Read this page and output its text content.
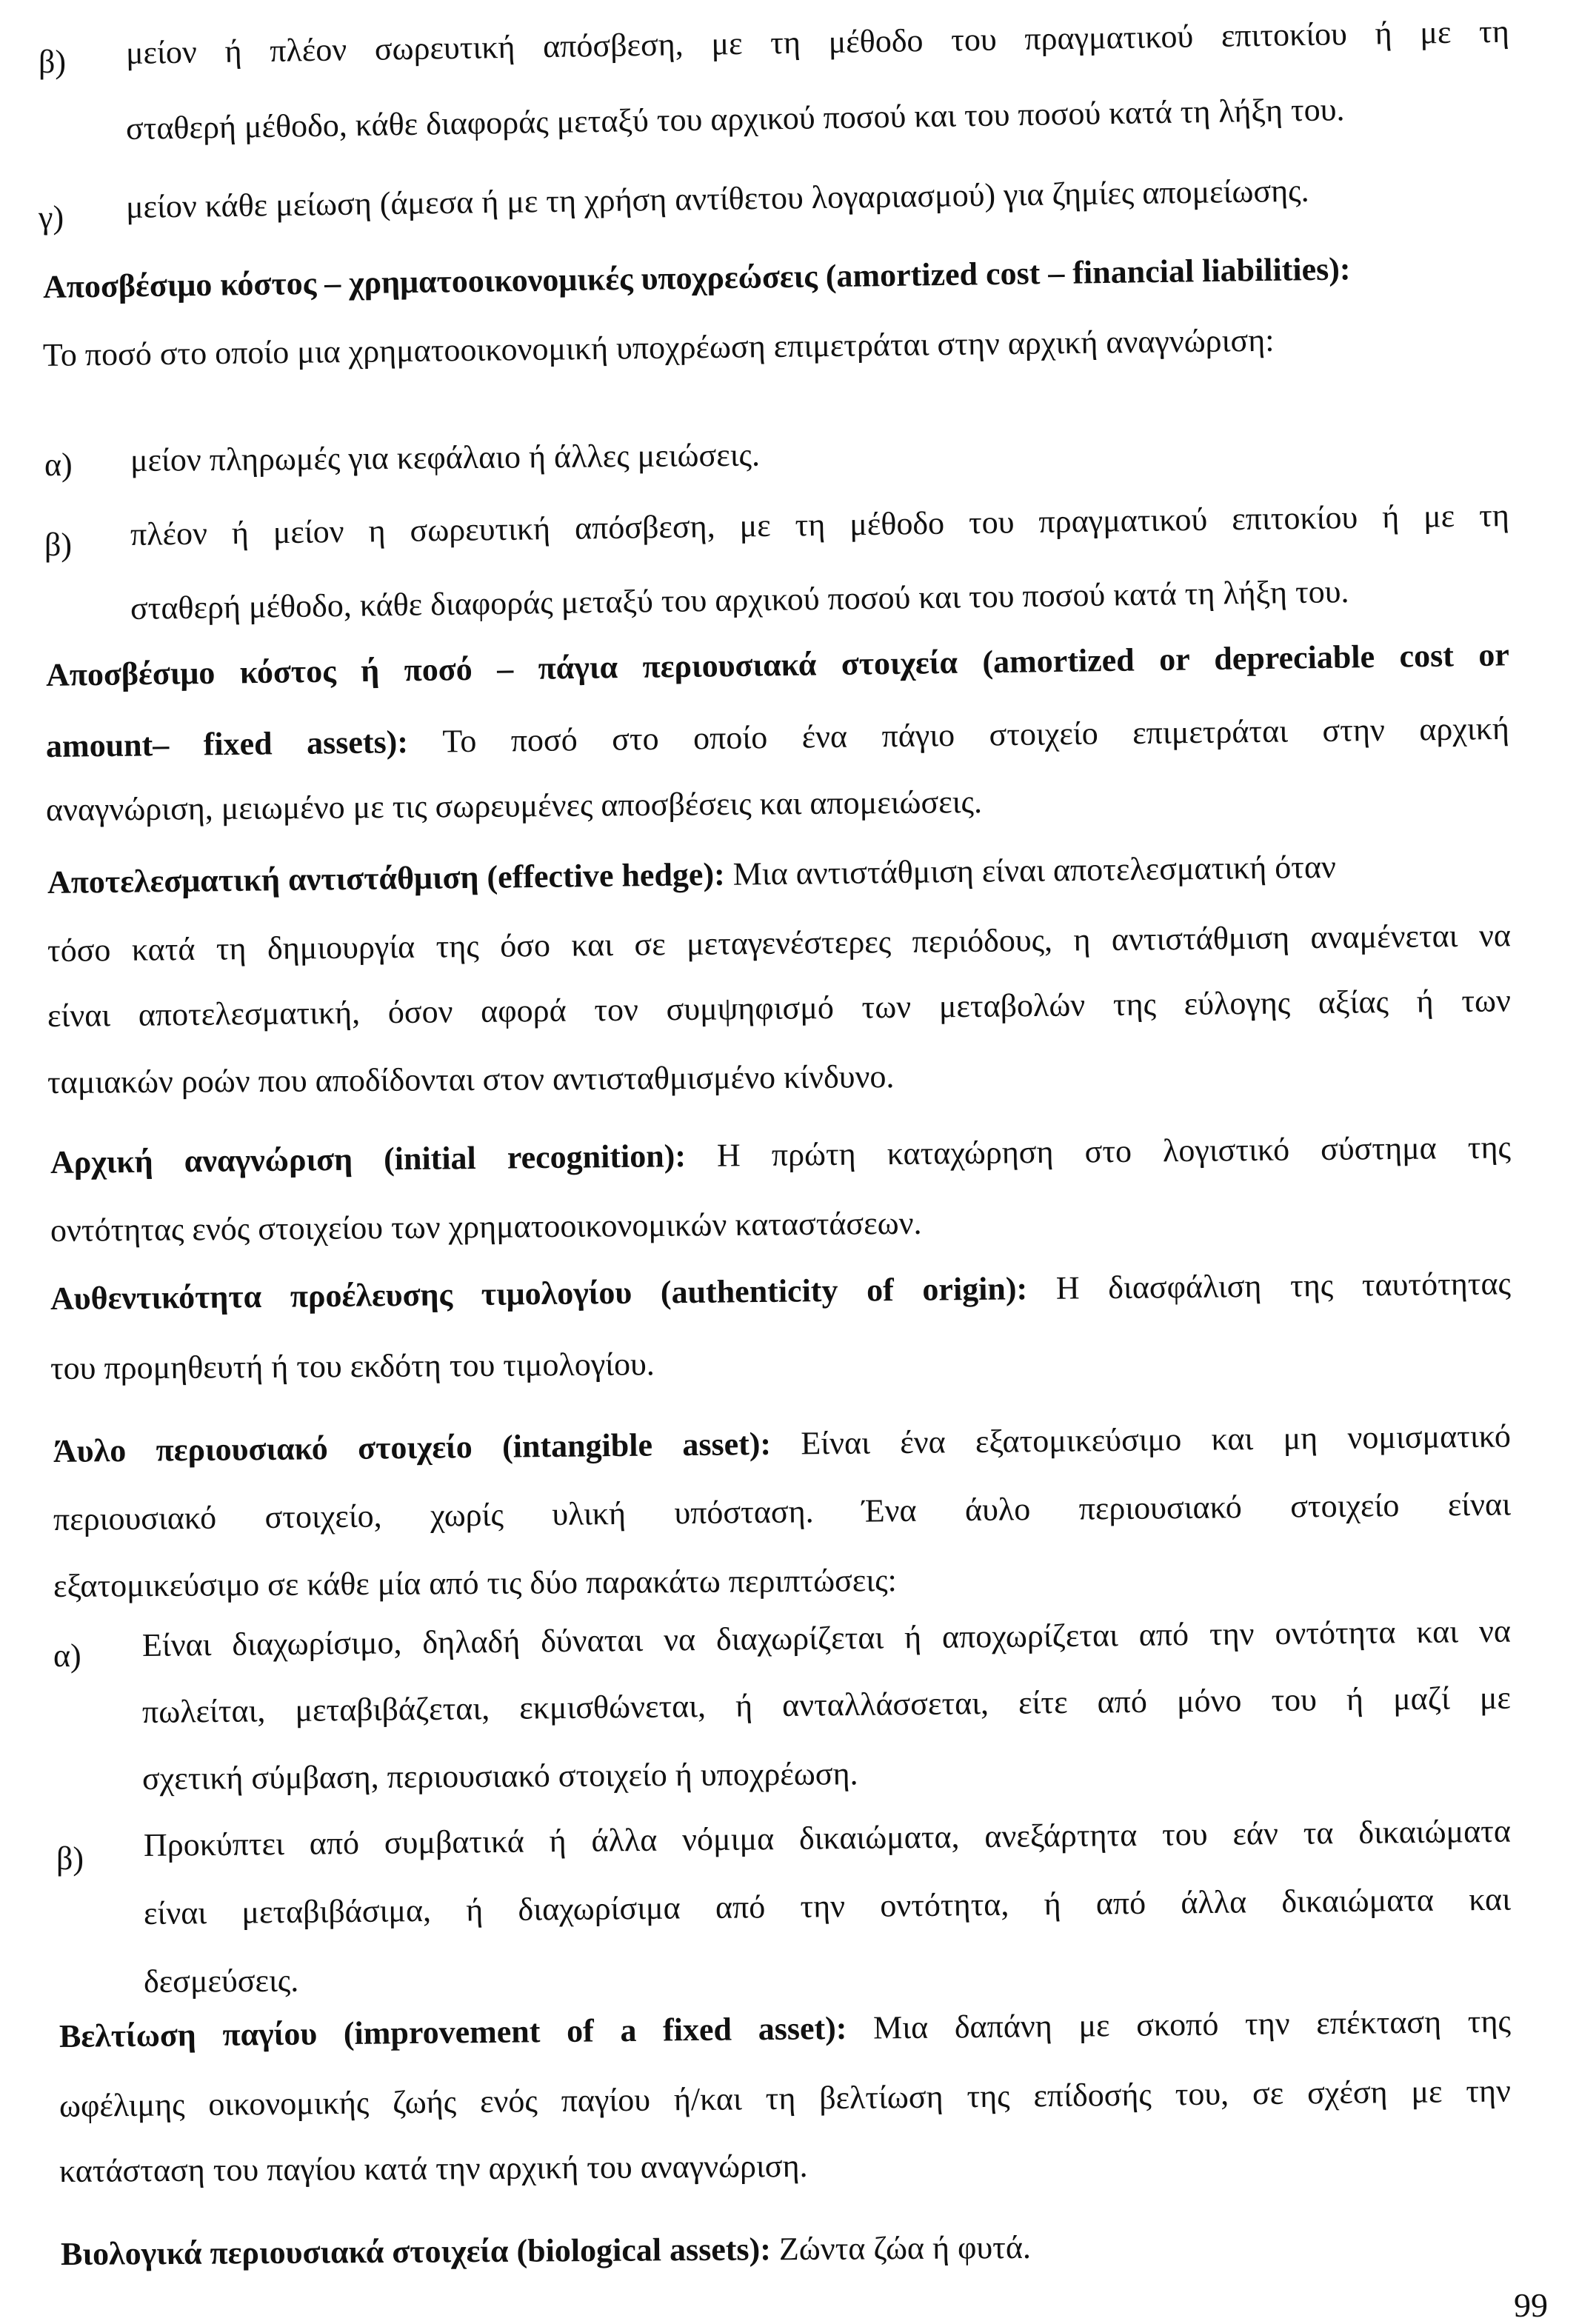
β) μείον ή πλέον σωρευτική απόσβεση, με τη μέθοδο του πραγματικού επιτοκίου ή με τη
σταθερή μέθοδο, κάθε διαφοράς μεταξύ του αρχικού ποσού και του ποσού κατά τη λήξη του.
γ) μείον κάθε μείωση (άμεσα ή με τη χρήση αντίθετου λογαριασμού) για ζημίες απομείωσης.
Αποσβέσιμο κόστος – χρηματοοικονομικές υποχρεώσεις (amortized cost – financial liabilities):
Το ποσό στο οποίο μια χρηματοοικονομική υποχρέωση επιμετράται στην αρχική αναγνώριση:
α) μείον πληρωμές για κεφάλαιο ή άλλες μειώσεις.
β) πλέον ή μείον η σωρευτική απόσβεση, με τη μέθοδο του πραγματικού επιτοκίου ή με τη
σταθερή μέθοδο, κάθε διαφοράς μεταξύ του αρχικού ποσού και του ποσού κατά τη λήξη του.
Αποσβέσιμο κόστος ή ποσό – πάγια περιουσιακά στοιχεία (amortized or depreciable cost or
amount– fixed assets): Το ποσό στο οποίο ένα πάγιο στοιχείο επιμετράται στην αρχική
αναγνώριση, μειωμένο με τις σωρευμένες αποσβέσεις και απομειώσεις.
Αποτελεσματική αντιστάθμιση (effective hedge): Μια αντιστάθμιση είναι αποτελεσματική όταν
τόσο κατά τη δημιουργία της όσο και σε μεταγενέστερες περιόδους, η αντιστάθμιση αναμένεται να
είναι αποτελεσματική, όσον αφορά τον συμψηφισμό των μεταβολών της εύλογης αξίας ή των
ταμιακών ροών που αποδίδονται στον αντισταθμισμένο κίνδυνο.
Αρχική αναγνώριση (initial recognition): Η πρώτη καταχώρηση στο λογιστικό σύστημα της
οντότητας ενός στοιχείου των χρηματοοικονομικών καταστάσεων.
Αυθεντικότητα προέλευσης τιμολογίου (authenticity of origin): Η διασφάλιση της ταυτότητας
του προμηθευτή ή του εκδότη του τιμολογίου.
Άυλο περιουσιακό στοιχείο (intangible asset): Είναι ένα εξατομικεύσιμο και μη νομισματικό
περιουσιακό στοιχείο, χωρίς υλική υπόσταση. Ένα άυλο περιουσιακό στοιχείο είναι
εξατομικεύσιμο σε κάθε μία από τις δύο παρακάτω περιπτώσεις:
α) Είναι διαχωρίσιμο, δηλαδή δύναται να διαχωρίζεται ή αποχωρίζεται από την οντότητα και να
πωλείται, μεταβιβάζεται, εκμισθώνεται, ή ανταλλάσσεται, είτε από μόνο του ή μαζί με
σχετική σύμβαση, περιουσιακό στοιχείο ή υποχρέωση.
β) Προκύπτει από συμβατικά ή άλλα νόμιμα δικαιώματα, ανεξάρτητα του εάν τα δικαιώματα
είναι μεταβιβάσιμα, ή διαχωρίσιμα από την οντότητα, ή από άλλα δικαιώματα και
δεσμεύσεις.
Βελτίωση παγίου (improvement of a fixed asset): Μια δαπάνη με σκοπό την επέκταση της
ωφέλιμης οικονομικής ζωής ενός παγίου ή/και τη βελτίωση της επίδοσής του, σε σχέση με την
κατάσταση του παγίου κατά την αρχική του αναγνώριση.
Βιολογικά περιουσιακά στοιχεία (biological assets): Ζώντα ζώα ή φυτά.
99
